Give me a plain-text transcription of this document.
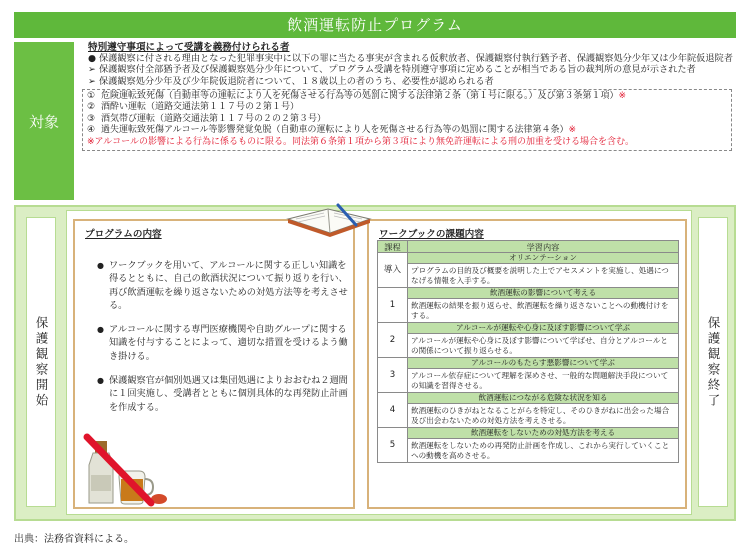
飲酒運転防止プログラム
対象
特別遵守事項によって受講を義務付けられる者
● 保護観察に付される理由となった犯罪事実中に以下の罪に当たる事実が含まれる仮釈放者、保護観察付執行猶予者、保護観察処分少年又は少年院仮退院者
➢ 保護観察付全部猶予者及び保護観察処分少年について、プログラム受講を特別遵守事項に定めることが相当である旨の裁判所の意見が示された者
➢ 保護観察処分少年及び少年院仮退院者について、１８歳以上の者のうち、必要性が認められる者
① 危険運転致死傷（自動車等の運転により人を死傷させる行為等の処罰に関する法律第２条（第１号に限る。）及び第３条第１項）※
② 酒酔い運転（道路交通法第１１７号の２第１号）
③ 酒気帯び運転（道路交通法第１１７号の２の２第３号）
④ 過失運転致死傷アルコール等影響発覚免脱（自動車の運転により人を死傷させる行為等の処罰に関する法律第４条）※
※アルコールの影響による行為に係るものに限る。同法第６条第１項から第３項により無免許運転による刑の加重を受ける場合を含む。
保護観察開始	保護観察終了
プログラムの内容
● ワークブックを用いて、アルコールに関する正しい知識を得るとともに、自己の飲酒状況について振り返りを行い、再び飲酒運転を繰り返さないための対処方法等を考えさせる。
● アルコールに関する専門医療機関や自助グループに関する知識を付与することによって、適切な措置を受けるよう働き掛ける。
● 保護観察官が個別処遇又は集団処遇によりおおむね２週間に１回実施し、受講者とともに個別具体的な再発防止計画を作成する。
ワークブックの課題内容
課程	学習内容
導入	オリエンテーション
	プログラムの目的及び概要を説明した上でアセスメントを実施し、処遇につなげる情報を入手する。
1	飲酒運転の影響について考える
	飲酒運転の結果を振り返らせ、飲酒運転を繰り返さないことへの動機付けをする。
2	アルコールが運転や心身に及ぼす影響について学ぶ
	アルコールが運転や心身に及ぼす影響について学ばせ、自分とアルコールとの関係について振り返らせる。
3	アルコールのもたらす悪影響について学ぶ
	アルコール依存症について理解を深めさせ、一般的な問題解決手段についての知識を習得させる。
4	飲酒運転につながる危険な状況を知る
	飲酒運転のひきがねとなることがらを特定し、そのひきがねに出会った場合及び出会わないための対処方法を考えさせる。
5	飲酒運転をしないための対処方法を考える
	飲酒運転をしないための再発防止計画を作成し、これから実行していくことへの動機を高めさせる。
出典：法務省資料による。
